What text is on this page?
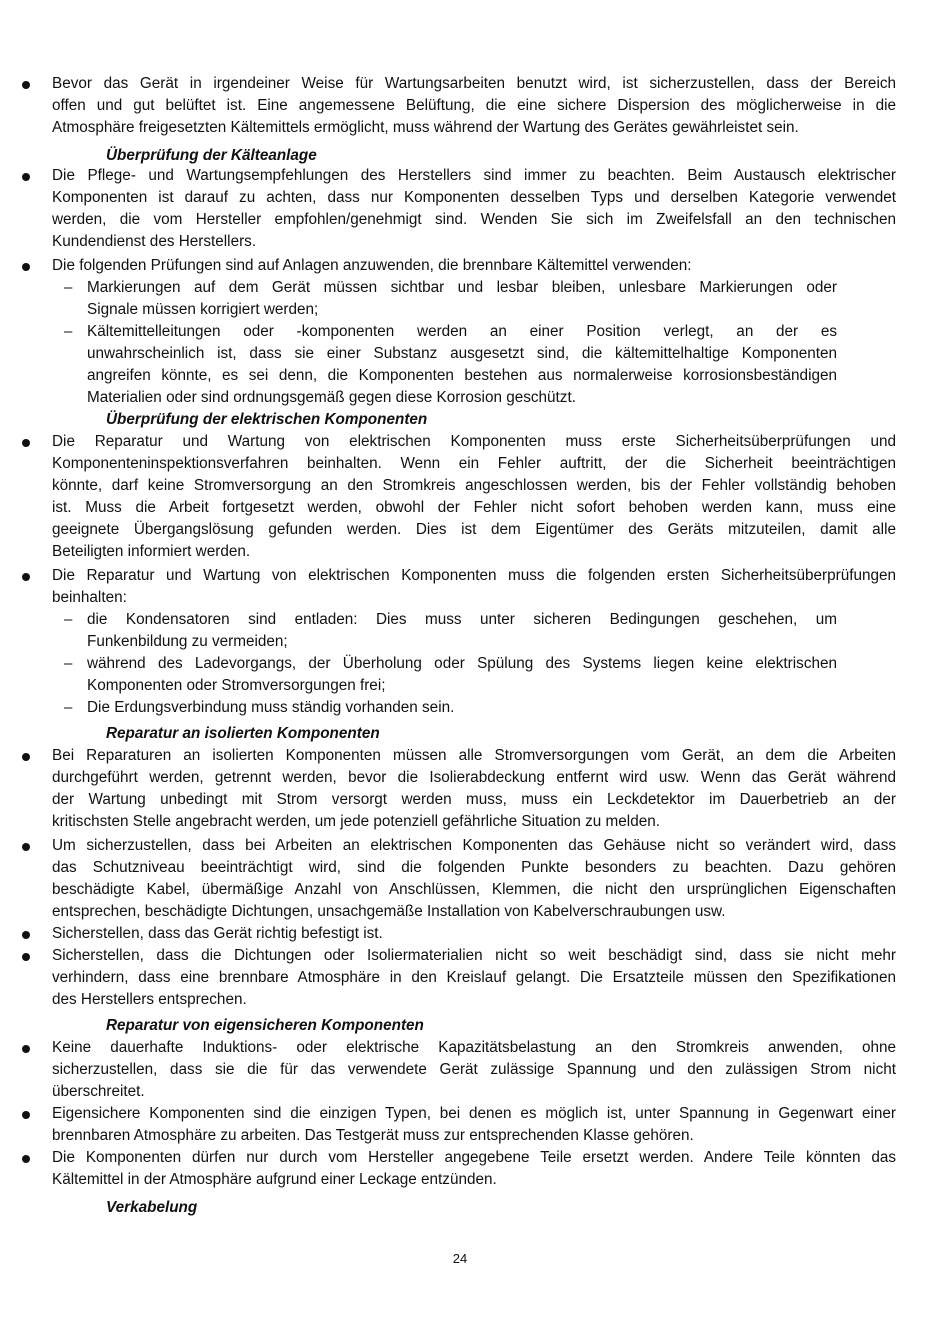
Bevor das Gerät in irgendeiner Weise für Wartungsarbeiten benutzt wird, ist sicherzustellen, dass der Bereich
offen und gut belüftet ist. Eine angemessene Belüftung, die eine sichere Dispersion des möglicherweise in die
Atmosphäre freigesetzten Kältemittels ermöglicht, muss während der Wartung des Gerätes gewährleistet sein.
Überprüfung der Kälteanlage
Die Pflege- und Wartungsempfehlungen des Herstellers sind immer zu beachten. Beim Austausch elektrischer
Komponenten ist darauf zu achten, dass nur Komponenten desselben Typs und derselben Kategorie verwendet
werden, die vom Hersteller empfohlen/genehmigt sind. Wenden Sie sich im Zweifelsfall an den technischen
Kundendienst des Herstellers.
Die folgenden Prüfungen sind auf Anlagen anzuwenden, die brennbare Kältemittel verwenden:
– Markierungen auf dem Gerät müssen sichtbar und lesbar bleiben, unlesbare Markierungen oder
Signale müssen korrigiert werden;
– Kältemittelleitungen oder -komponenten werden an einer Position verlegt, an der es
unwahrscheinlich ist, dass sie einer Substanz ausgesetzt sind, die kältemittelhaltige Komponenten
angreifen könnte, es sei denn, die Komponenten bestehen aus normalerweise korrosionsbeständigen
Materialien oder sind ordnungsgemäß gegen diese Korrosion geschützt.
Überprüfung der elektrischen Komponenten
Die Reparatur und Wartung von elektrischen Komponenten muss erste Sicherheitsüberprüfungen und
Komponenteninspektionsverfahren beinhalten. Wenn ein Fehler auftritt, der die Sicherheit beeinträchtigen
könnte, darf keine Stromversorgung an den Stromkreis angeschlossen werden, bis der Fehler vollständig behoben
ist. Muss die Arbeit fortgesetzt werden, obwohl der Fehler nicht sofort behoben werden kann, muss eine
geeignete Übergangslösung gefunden werden. Dies ist dem Eigentümer des Geräts mitzuteilen, damit alle
Beteiligten informiert werden.
Die Reparatur und Wartung von elektrischen Komponenten muss die folgenden ersten Sicherheitsüberprüfungen
beinhalten:
– die Kondensatoren sind entladen: Dies muss unter sicheren Bedingungen geschehen, um
Funkenbildung zu vermeiden;
– während des Ladevorgangs, der Überholung oder Spülung des Systems liegen keine elektrischen
Komponenten oder Stromversorgungen frei;
– Die Erdungsverbindung muss ständig vorhanden sein.
Reparatur an isolierten Komponenten
Bei Reparaturen an isolierten Komponenten müssen alle Stromversorgungen vom Gerät, an dem die Arbeiten
durchgeführt werden, getrennt werden, bevor die Isolierabdeckung entfernt wird usw. Wenn das Gerät während
der Wartung unbedingt mit Strom versorgt werden muss, muss ein Leckdetektor im Dauerbetrieb an der
kritischsten Stelle angebracht werden, um jede potenziell gefährliche Situation zu melden.
Um sicherzustellen, dass bei Arbeiten an elektrischen Komponenten das Gehäuse nicht so verändert wird, dass
das Schutzniveau beeinträchtigt wird, sind die folgenden Punkte besonders zu beachten. Dazu gehören
beschädigte Kabel, übermäßige Anzahl von Anschlüssen, Klemmen, die nicht den ursprünglichen Eigenschaften
entsprechen, beschädigte Dichtungen, unsachgemäße Installation von Kabelverschraubungen usw.
Sicherstellen, dass das Gerät richtig befestigt ist.
Sicherstellen, dass die Dichtungen oder Isoliermaterialien nicht so weit beschädigt sind, dass sie nicht mehr
verhindern, dass eine brennbare Atmosphäre in den Kreislauf gelangt. Die Ersatzteile müssen den Spezifikationen
des Herstellers entsprechen.
Reparatur von eigensicheren Komponenten
Keine dauerhafte Induktions- oder elektrische Kapazitätsbelastung an den Stromkreis anwenden, ohne
sicherzustellen, dass sie die für das verwendete Gerät zulässige Spannung und den zulässigen Strom nicht
überschreitet.
Eigensichere Komponenten sind die einzigen Typen, bei denen es möglich ist, unter Spannung in Gegenwart einer
brennbaren Atmosphäre zu arbeiten. Das Testgerät muss zur entsprechenden Klasse gehören.
Die Komponenten dürfen nur durch vom Hersteller angegebene Teile ersetzt werden. Andere Teile könnten das
Kältemittel in der Atmosphäre aufgrund einer Leckage entzünden.
Verkabelung
24
